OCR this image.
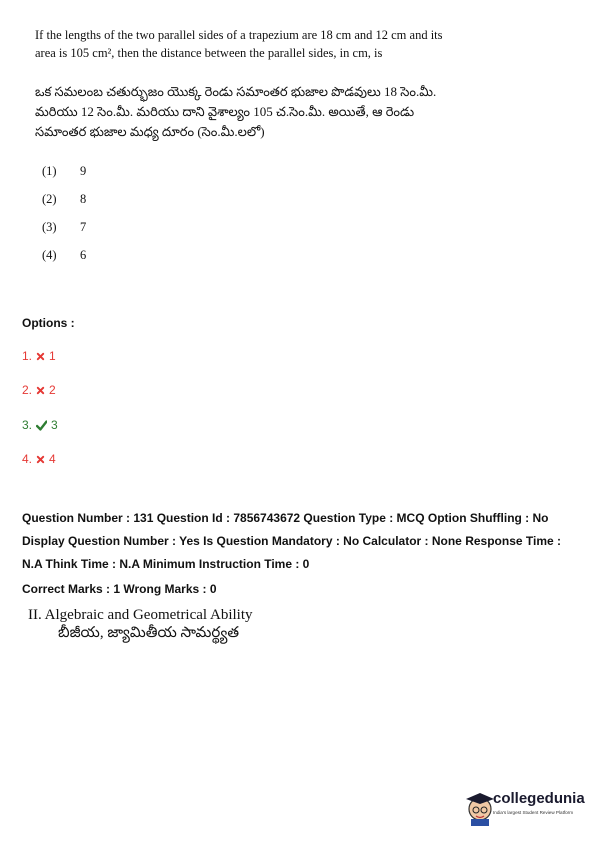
If the lengths of the two parallel sides of a trapezium are 18 cm and 12 cm and its area is 105 cm², then the distance between the parallel sides, in cm, is
ఒక సమలంబ చతుర్భుజం యొక్క రెండు సమాంతర భుజాల పొడవులు 18 సెం.మీ. మరియు 12 సెం.మీ. మరియు దాని వైశాల్యం 105 చ.సెం.మీ. అయితే, ఆ రెండు సమాంతర భుజాల మధ్య దూరం (సెం.మీ.లలో)
(1)	9
(2)	8
(3)	7
(4)	6
Options :
1. 1
2. 2
3. 3
4. 4
Question Number : 131 Question Id : 7856743672 Question Type : MCQ Option Shuffling : No Display Question Number : Yes Is Question Mandatory : No Calculator : None Response Time : N.A Think Time : N.A Minimum Instruction Time : 0
Correct Marks : 1 Wrong Marks : 0
II. Algebraic and Geometrical Ability
బీజీయ, జ్యామితీయ సామర్థ్యత
collegedunia
India's largest Student Review Platform
